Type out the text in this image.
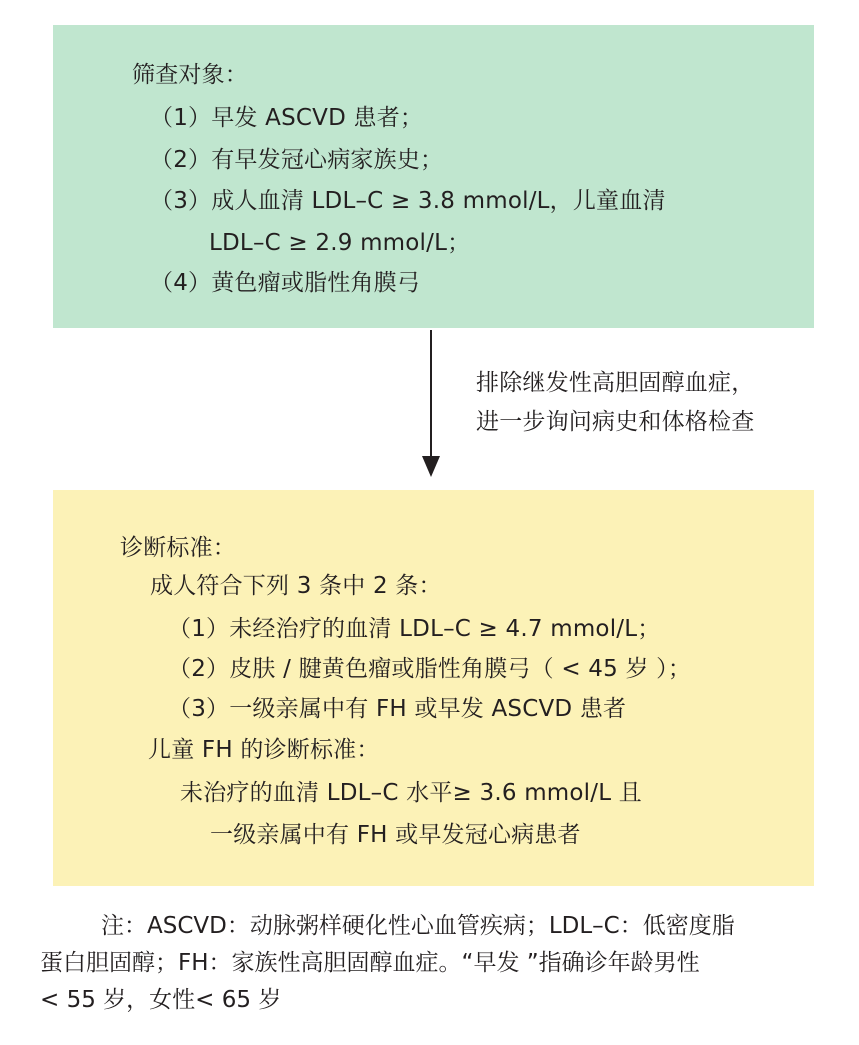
筛查对象：
（1）早发 ASCVD 患者；
（2）有早发冠心病家族史；
（3）成人血清 LDL–C ≥ 3.8 mmol/L，儿童血清
LDL–C ≥ 2.9 mmol/L；
（4）黄色瘤或脂性角膜弓
排除继发性高胆固醇血症，
进一步询问病史和体格检查
诊断标准：
成人符合下列 3 条中 2 条：
（1）未经治疗的血清 LDL–C ≥ 4.7 mmol/L；
（2）皮肤 / 腱黄色瘤或脂性角膜弓（ < 45 岁 ）；
（3）一级亲属中有 FH 或早发 ASCVD 患者
儿童 FH 的诊断标准：
未治疗的血清 LDL–C 水平≥ 3.6 mmol/L 且
一级亲属中有 FH 或早发冠心病患者
注：ASCVD：动脉粥样硬化性心血管疾病；LDL–C：低密度脂
蛋白胆固醇；FH：家族性高胆固醇血症。“早发 ”指确诊年龄男性
< 55 岁，女性< 65 岁
